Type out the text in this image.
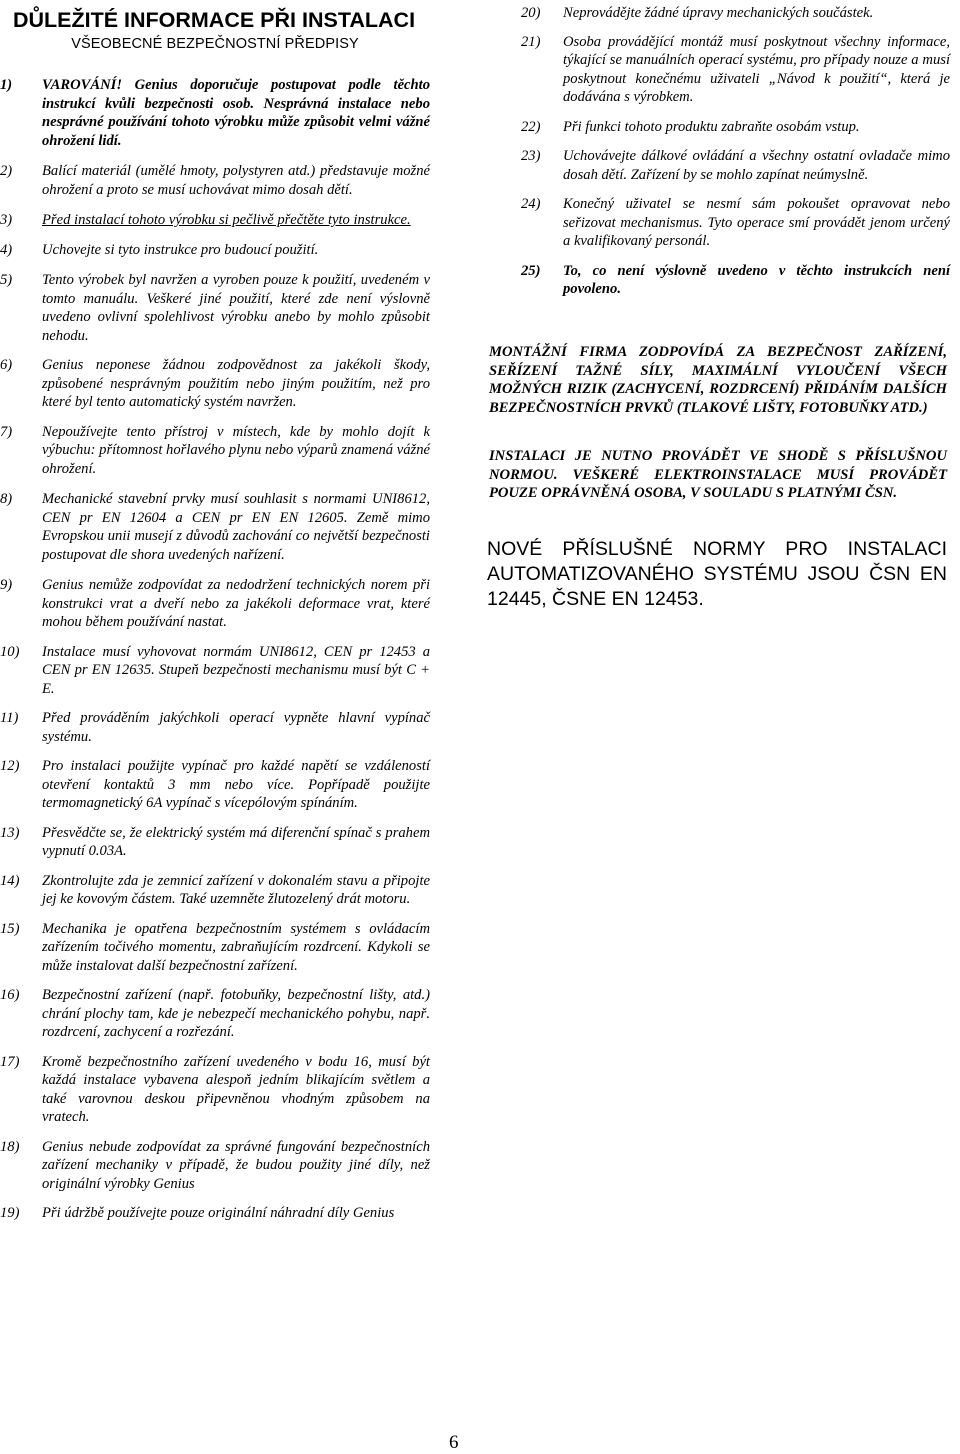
DŮLEŽITÉ INFORMACE PŘI INSTALACI
VŠEOBECNÉ BEZPEČNOSTNÍ PŘEDPISY
1) VAROVÁNÍ! Genius doporučuje postupovat podle těchto instrukcí kvůli bezpečnosti osob. Nesprávná instalace nebo nesprávné používání tohoto výrobku může způsobit velmi vážné ohrožení lidí.
2) Balící materiál (umělé hmoty, polystyren atd.) představuje možné ohrožení a proto se musí uchovávat mimo dosah dětí.
3) Před instalací tohoto výrobku si pečlivě přečtěte tyto instrukce.
4) Uchovejte si tyto instrukce pro budoucí použití.
5) Tento výrobek byl navržen a vyroben pouze k použití, uvedeném v tomto manuálu. Veškeré jiné použití, které zde není výslovně uvedeno ovlivní spolehlivost výrobku anebo by mohlo způsobit nehodu.
6) Genius neponese žádnou zodpovědnost za jakékoli škody, způsobené nesprávným použitím nebo jiným použitím, než pro které byl tento automatický systém navržen.
7) Nepoužívejte tento přístroj v místech, kde by mohlo dojít k výbuchu: přítomnost hořlavého plynu nebo výparů znamená vážné ohrožení.
8) Mechanické stavební prvky musí souhlasit s normami UNI8612, CEN pr EN 12604 a CEN pr EN EN 12605. Země mimo Evropskou unii musejí z důvodů zachování co největší bezpečnosti postupovat dle shora uvedených nařízení.
9) Genius nemůže zodpovídat za nedodržení technických norem při konstrukci vrat a dveří nebo za jakékoli deformace vrat, které mohou během používání nastat.
10) Instalace musí vyhovovat normám UNI8612, CEN pr 12453 a CEN pr EN 12635. Stupeň bezpečnosti mechanismu musí být C + E.
11) Před prováděním jakýchkoli operací vypněte hlavní vypínač systému.
12) Pro instalaci použijte vypínač pro každé napětí se vzdáleností otevření kontaktů 3 mm nebo více. Popřípadě použijte termomagnetický 6A vypínač s vícepólovým spínáním.
13) Přesvědčte se, že elektrický systém má diferenční spínač s prahem vypnutí 0.03A.
14) Zkontrolujte zda je zemnicí zařízení v dokonalém stavu a připojte jej ke kovovým částem. Také uzemněte žlutozelený drát motoru.
15) Mechanika je opatřena bezpečnostním systémem s ovládacím zařízením točivého momentu, zabraňujícím rozdrcení. Kdykoli se může instalovat další bezpečnostní zařízení.
16) Bezpečnostní zařízení (např. fotobuňky, bezpečnostní lišty, atd.) chrání plochy tam, kde je nebezpečí mechanického pohybu, např. rozdrcení, zachycení a rozřezání.
17) Kromě bezpečnostního zařízení uvedeného v bodu 16, musí být každá instalace vybavena alespoň jedním blikajícím světlem a také varovnou deskou připevněnou vhodným způsobem na vratech.
18) Genius nebude zodpovídat za správné fungování bezpečnostních zařízení mechaniky v případě, že budou použity jiné díly, než originální výrobky Genius
19) Při údržbě používejte pouze originální náhradní díly Genius
20) Neprovádějte žádné úpravy mechanických součástek.
21) Osoba provádějící montáž musí poskytnout všechny informace, týkající se manuálních operací systému, pro případy nouze a musí poskytnout konečnému uživateli „Návod k použití“, která je dodávána s výrobkem.
22) Při funkci tohoto produktu zabraňte osobám vstup.
23) Uchovávejte dálkové ovládání a všechny ostatní ovladače mimo dosah dětí. Zařízení by se mohlo zapínat neúmyslně.
24) Konečný uživatel se nesmí sám pokoušet opravovat nebo seřizovat mechanismus. Tyto operace smí provádět jenom určený a kvalifikovaný personál.
25) To, co není výslovně uvedeno v těchto instrukcích není povoleno.
MONTÁŽNÍ FIRMA ZODPOVÍDÁ ZA BEZPEČNOST ZAŘÍZENÍ, SEŘÍZENÍ TAŽNÉ SÍLY, MAXIMÁLNÍ VYLOUČENÍ VŠECH MOŽNÝCH RIZIK (ZACHYCENÍ, ROZDRCENÍ) PŘIDÁNÍM DALŠÍCH BEZPEČNOSTNÍCH PRVKŮ (TLAKOVÉ LIŠTY, FOTOBUŇKY ATD.)
INSTALACI JE NUTNO PROVÁDĚT VE SHODĚ S PŘÍSLUŠNOU NORMOU. VEŠKERÉ ELEKTROINSTALACE MUSÍ PROVÁDĚT POUZE OPRÁVNĚNÁ OSOBA, V SOULADU S PLATNÝMI ČSN.
NOVÉ PŘÍSLUŠNÉ NORMY PRO INSTALACI AUTOMATIZOVANÉHO SYSTÉMU JSOU ČSN EN 12445, ČSNE EN 12453.
6
